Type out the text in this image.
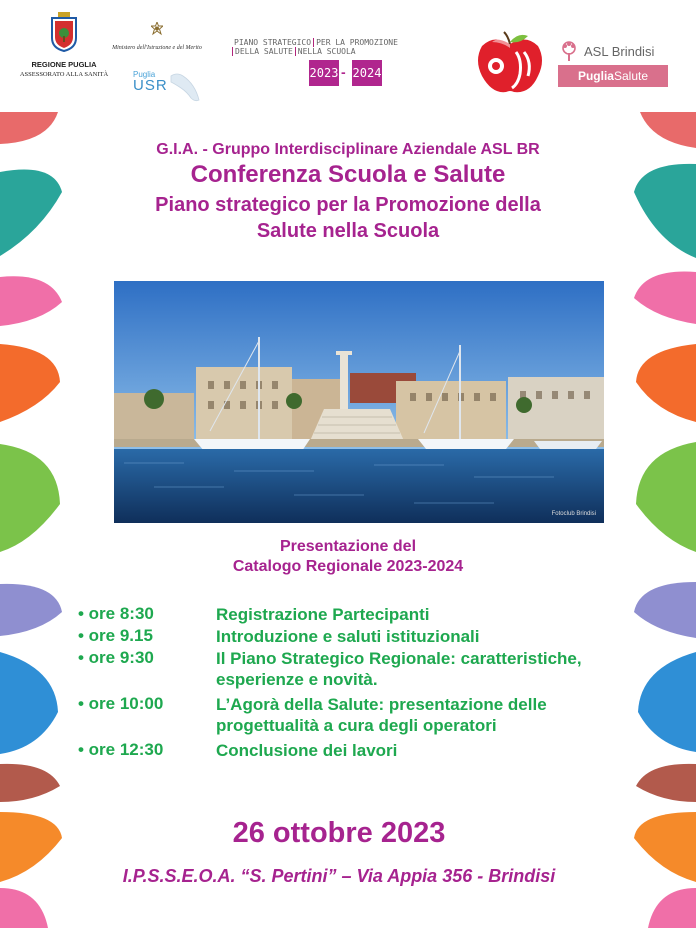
REGIONE PUGLIA
ASSESSORATO ALLA SANITÀ
Ministero dell'Istruzione e del Merito
Puglia
USR
PIANO STRATEGICO PER LA PROMOZIONEDELLA SALUTE NELLA SCUOLA
2023 - 2024
ASL Brindisi
PugliaSalute
G.I.A. - Gruppo Interdisciplinare Aziendale ASL BR
Conferenza Scuola e Salute
Piano strategico per la Promozione della
Salute nella Scuola
Fotoclub Brindisi
Presentazione del
Catalogo Regionale 2023-2024
• ore 8:30	Registrazione Partecipanti
• ore 9.15	Introduzione e saluti istituzionali
• ore 9:30	Il Piano Strategico Regionale: caratteristiche, esperienze e novità.
• ore 10:00	L’Agorà della Salute: presentazione delle progettualità a cura degli operatori
• ore 12:30	Conclusione dei lavori
26 ottobre 2023
I.P.S.S.E.O.A. “S. Pertini” – Via Appia 356 - Brindisi
